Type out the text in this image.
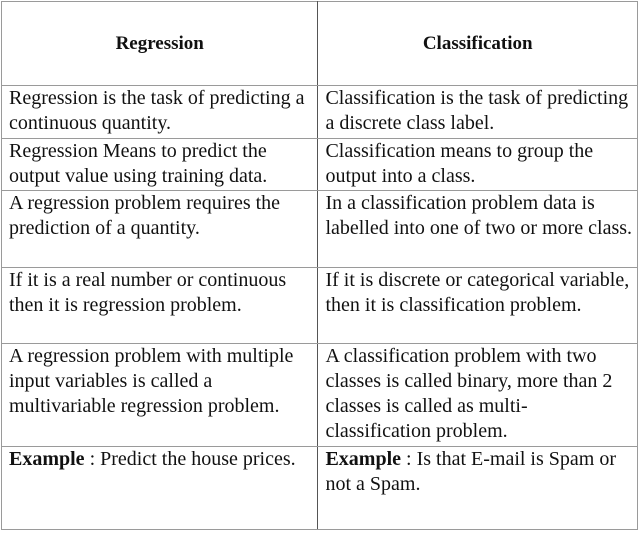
Regression	Classification
Regression is the task of predicting a continuous quantity.	Classification is the task of predicting a discrete class label.
Regression Means to predict the output value using training data.	Classification means to group the output into a class.
A regression problem requires the prediction of a quantity.	In a classification problem data is labelled into one of two or more class.
If it is a real number or continuous then it is regression problem.	If it is discrete or categorical variable, then it is classification problem.
A regression problem with multiple input variables is called a multivariable regression problem.	A classification problem with two classes is called binary, more than 2 classes is called as multi-classification problem.
Example : Predict the house prices.	Example : Is that E-mail is Spam or not a Spam.
